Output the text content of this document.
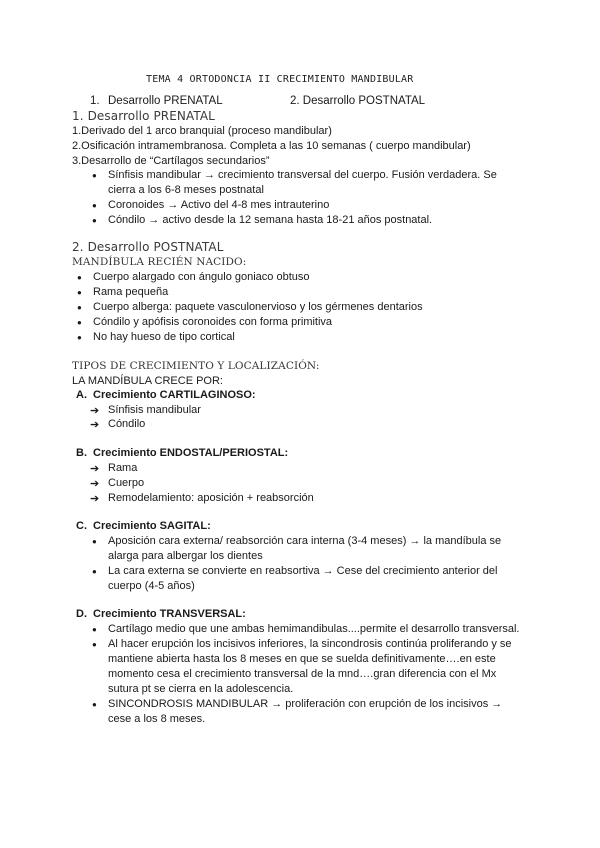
TEMA 4 ORTODONCIA II CRECIMIENTO MANDIBULAR
1. Desarrollo PRENATAL	2. Desarrollo POSTNATAL
1. Desarrollo PRENATAL
1.Derivado del 1 arco branquial (proceso mandibular)
2.Osificación intramembranosa. Completa a las 10 semanas ( cuerpo mandibular)
3.Desarrollo de “Cartílagos secundarios”
● Sínfisis mandibular → crecimiento transversal del cuerpo. Fusión verdadera. Se
cierra a los 6-8 meses postnatal
● Coronoides → Activo del 4-8 mes intrauterino
● Cóndilo → activo desde la 12 semana hasta 18-21 años postnatal.
2. Desarrollo POSTNATAL
MANDÍBULA RECIÉN NACIDO:
● Cuerpo alargado con ángulo goniaco obtuso
● Rama pequeña
● Cuerpo alberga: paquete vasculonervioso y los gérmenes dentarios
● Cóndilo y apófisis coronoides con forma primitiva
● No hay hueso de tipo cortical
TIPOS DE CRECIMIENTO Y LOCALIZACIÓN:
LA MANDÍBULA CRECE POR:
A. Crecimiento CARTILAGINOSO:
➔ Sínfisis mandibular
➔ Cóndilo
B. Crecimiento ENDOSTAL/PERIOSTAL:
➔ Rama
➔ Cuerpo
➔ Remodelamiento: aposición + reabsorción
C. Crecimiento SAGITAL:
● Aposición cara externa/ reabsorción cara interna (3-4 meses) → la mandíbula se
alarga para albergar los dientes
● La cara externa se convierte en reabsortiva → Cese del crecimiento anterior del
cuerpo (4-5 años)
D. Crecimiento TRANSVERSAL:
● Cartílago medio que une ambas hemimandibulas....permite el desarrollo transversal.
● Al hacer erupción los incisivos inferiores, la sincondrosis continúa proliferando y se
mantiene abierta hasta los 8 meses en que se suelda definitivamente….en este
momento cesa el crecimiento transversal de la mnd….gran diferencia con el Mx
sutura pt se cierra en la adolescencia.
● SINCONDROSIS MANDIBULAR → proliferación con erupción de los incisivos →
cese a los 8 meses.
